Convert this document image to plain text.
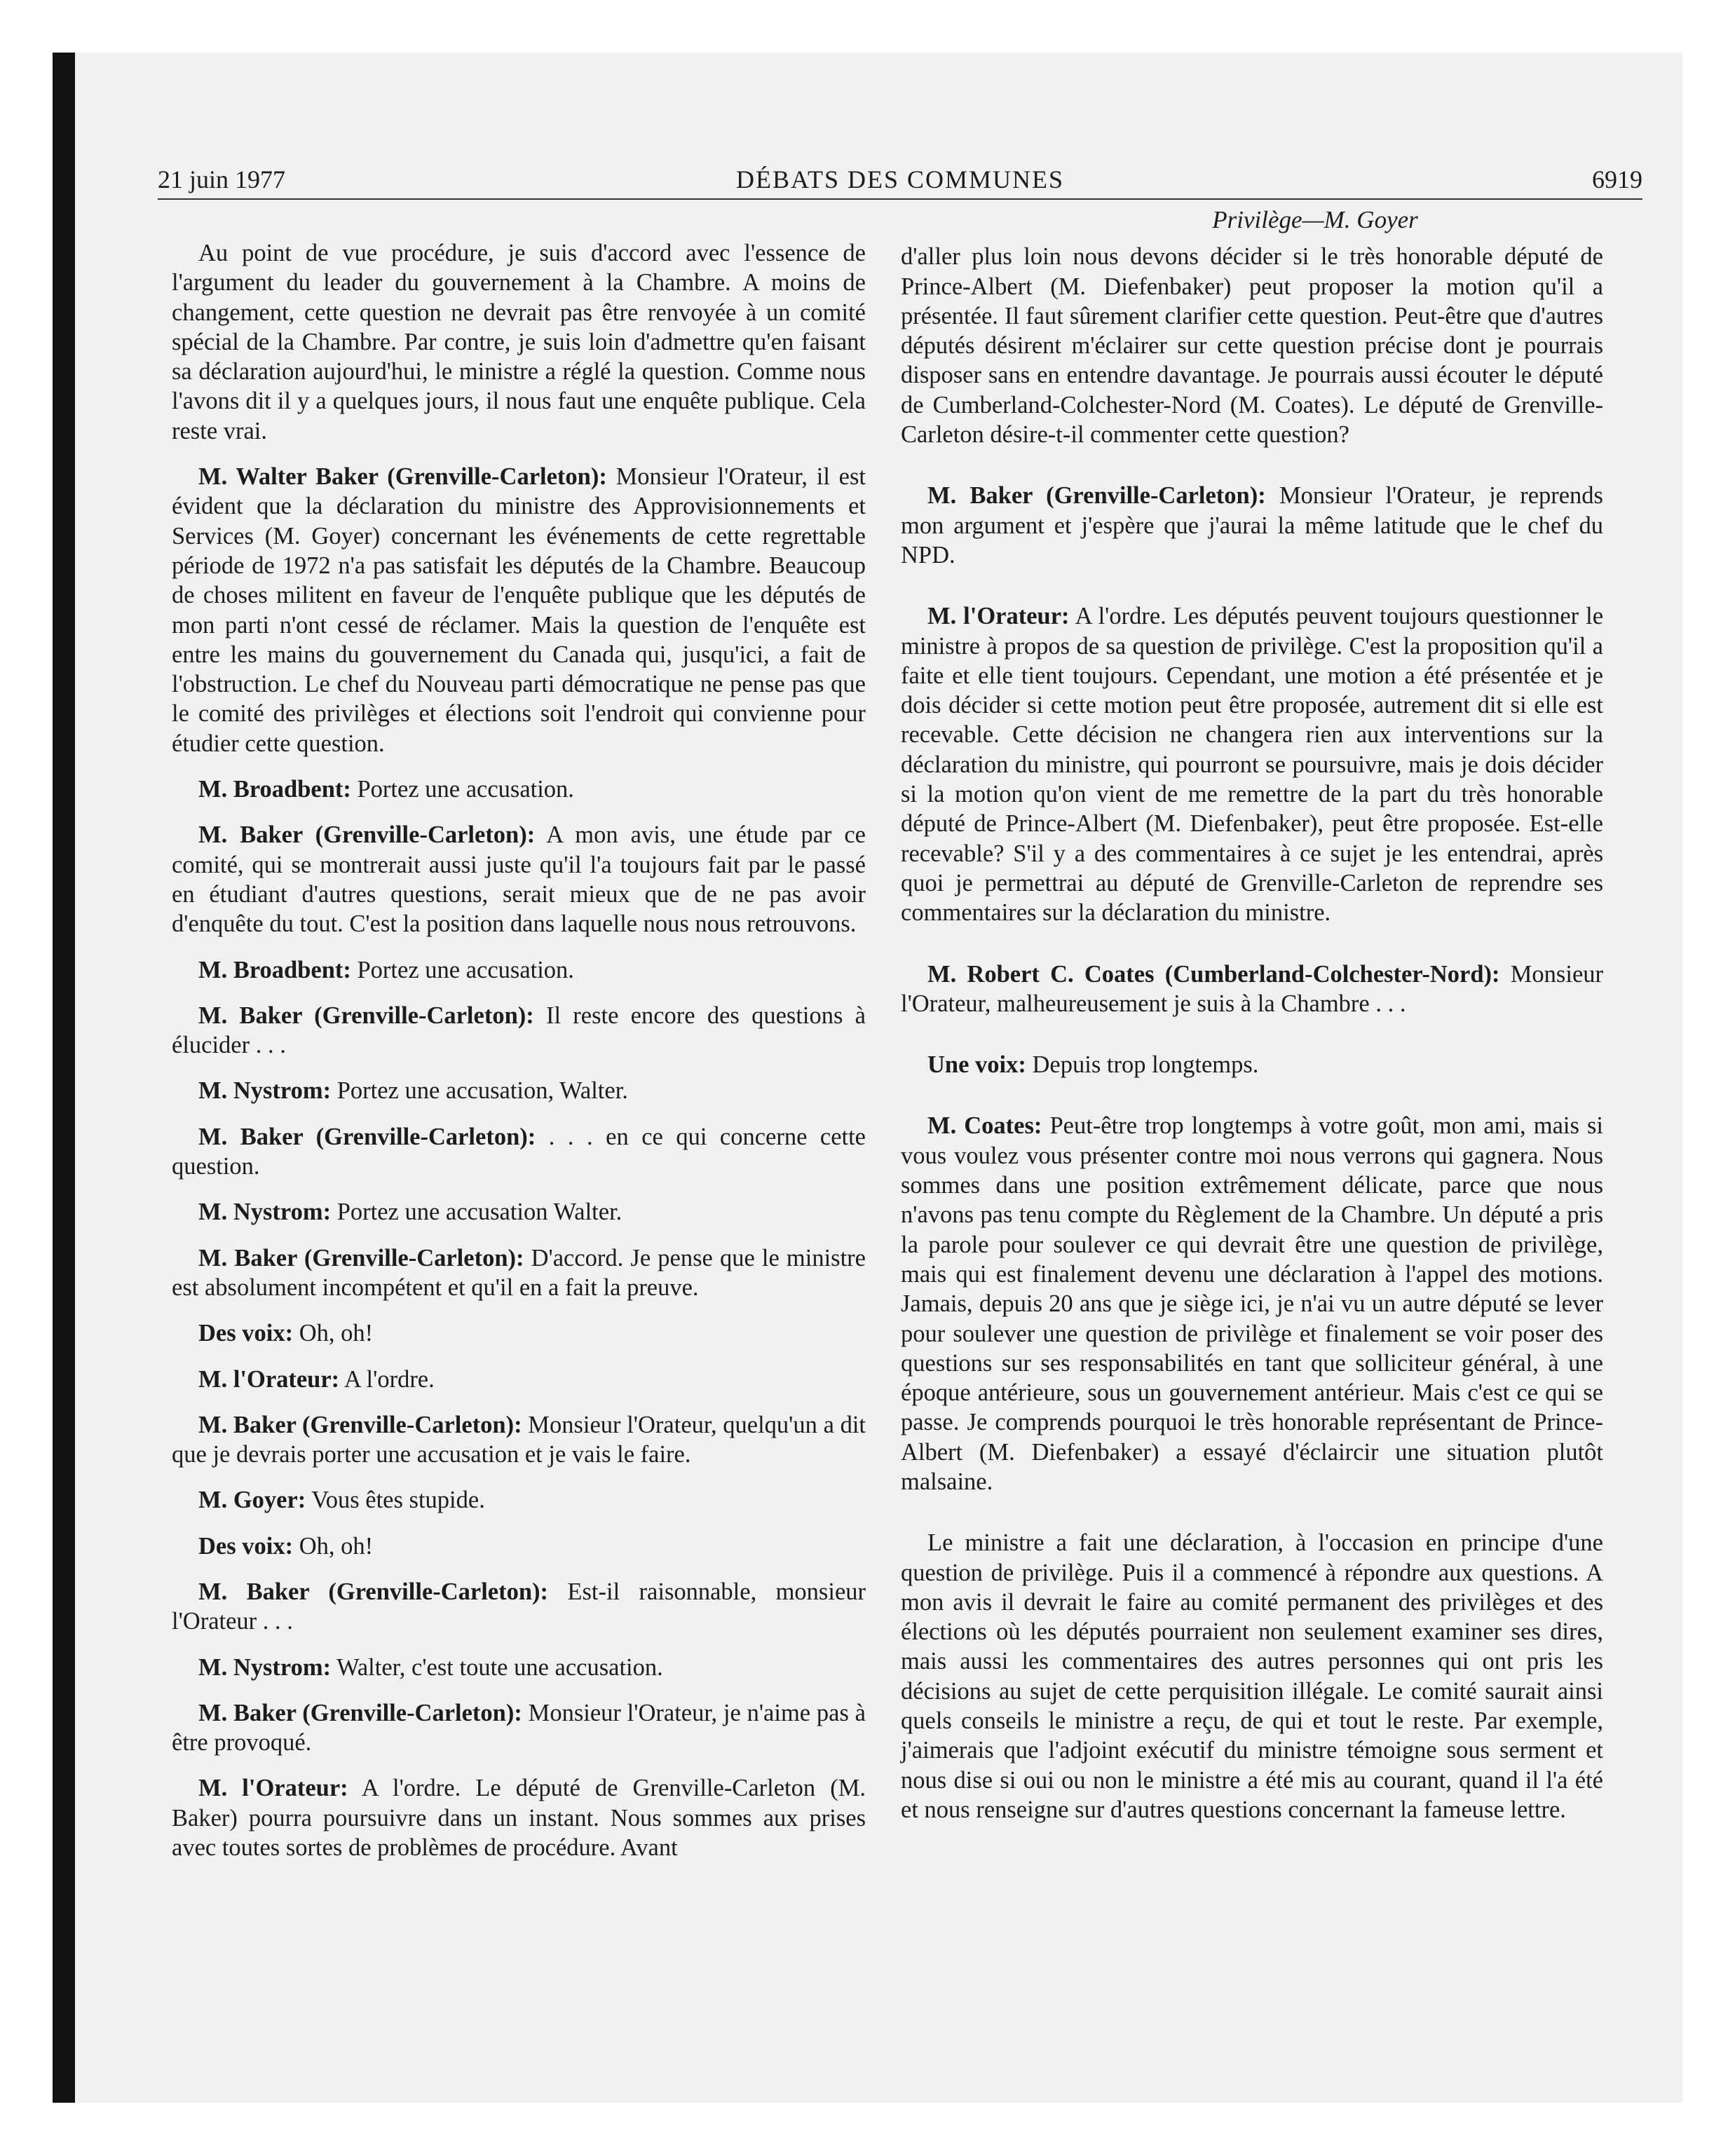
21 juin 1977	DÉBATS DES COMMUNES	6919

Au point de vue procédure, je suis d'accord avec l'essence de l'argument du leader du gouvernement à la Chambre. A moins de changement, cette question ne devrait pas être renvoyée à un comité spécial de la Chambre. Par contre, je suis loin d'admettre qu'en faisant sa déclaration aujourd'hui, le ministre a réglé la question. Comme nous l'avons dit il y a quelques jours, il nous faut une enquête publique. Cela reste vrai.

M. Walter Baker (Grenville-Carleton): Monsieur l'Orateur, il est évident que la déclaration du ministre des Approvisionnements et Services (M. Goyer) concernant les événements de cette regrettable période de 1972 n'a pas satisfait les députés de la Chambre. Beaucoup de choses militent en faveur de l'enquête publique que les députés de mon parti n'ont cessé de réclamer. Mais la question de l'enquête est entre les mains du gouvernement du Canada qui, jusqu'ici, a fait de l'obstruction. Le chef du Nouveau parti démocratique ne pense pas que le comité des privilèges et élections soit l'endroit qui convienne pour étudier cette question.

M. Broadbent: Portez une accusation.

M. Baker (Grenville-Carleton): A mon avis, une étude par ce comité, qui se montrerait aussi juste qu'il l'a toujours fait par le passé en étudiant d'autres questions, serait mieux que de ne pas avoir d'enquête du tout. C'est la position dans laquelle nous nous retrouvons.

M. Broadbent: Portez une accusation.

M. Baker (Grenville-Carleton): Il reste encore des questions à élucider . . .

M. Nystrom: Portez une accusation, Walter.

M. Baker (Grenville-Carleton): . . . en ce qui concerne cette question.

M. Nystrom: Portez une accusation Walter.

M. Baker (Grenville-Carleton): D'accord. Je pense que le ministre est absolument incompétent et qu'il en a fait la preuve.

Des voix: Oh, oh!

M. l'Orateur: A l'ordre.

M. Baker (Grenville-Carleton): Monsieur l'Orateur, quelqu'un a dit que je devrais porter une accusation et je vais le faire.

M. Goyer: Vous êtes stupide.

Des voix: Oh, oh!

M. Baker (Grenville-Carleton): Est-il raisonnable, monsieur l'Orateur . . .

M. Nystrom: Walter, c'est toute une accusation.

M. Baker (Grenville-Carleton): Monsieur l'Orateur, je n'aime pas à être provoqué.

M. l'Orateur: A l'ordre. Le député de Grenville-Carleton (M. Baker) pourra poursuivre dans un instant. Nous sommes aux prises avec toutes sortes de problèmes de procédure. Avant

Privilège—M. Goyer

d'aller plus loin nous devons décider si le très honorable député de Prince-Albert (M. Diefenbaker) peut proposer la motion qu'il a présentée. Il faut sûrement clarifier cette question. Peut-être que d'autres députés désirent m'éclairer sur cette question précise dont je pourrais disposer sans en entendre davantage. Je pourrais aussi écouter le député de Cumberland-Colchester-Nord (M. Coates). Le député de Grenville-Carleton désire-t-il commenter cette question?

M. Baker (Grenville-Carleton): Monsieur l'Orateur, je reprends mon argument et j'espère que j'aurai la même latitude que le chef du NPD.

M. l'Orateur: A l'ordre. Les députés peuvent toujours questionner le ministre à propos de sa question de privilège. C'est la proposition qu'il a faite et elle tient toujours. Cependant, une motion a été présentée et je dois décider si cette motion peut être proposée, autrement dit si elle est recevable. Cette décision ne changera rien aux interventions sur la déclaration du ministre, qui pourront se poursuivre, mais je dois décider si la motion qu'on vient de me remettre de la part du très honorable député de Prince-Albert (M. Diefenbaker), peut être proposée. Est-elle recevable? S'il y a des commentaires à ce sujet je les entendrai, après quoi je permettrai au député de Grenville-Carleton de reprendre ses commentaires sur la déclaration du ministre.

M. Robert C. Coates (Cumberland-Colchester-Nord): Monsieur l'Orateur, malheureusement je suis à la Chambre . . .

Une voix: Depuis trop longtemps.

M. Coates: Peut-être trop longtemps à votre goût, mon ami, mais si vous voulez vous présenter contre moi nous verrons qui gagnera. Nous sommes dans une position extrêmement délicate, parce que nous n'avons pas tenu compte du Règlement de la Chambre. Un député a pris la parole pour soulever ce qui devrait être une question de privilège, mais qui est finalement devenu une déclaration à l'appel des motions. Jamais, depuis 20 ans que je siège ici, je n'ai vu un autre député se lever pour soulever une question de privilège et finalement se voir poser des questions sur ses responsabilités en tant que solliciteur général, à une époque antérieure, sous un gouvernement antérieur. Mais c'est ce qui se passe. Je comprends pourquoi le très honorable représentant de Prince-Albert (M. Diefenbaker) a essayé d'éclaircir une situation plutôt malsaine.

Le ministre a fait une déclaration, à l'occasion en principe d'une question de privilège. Puis il a commencé à répondre aux questions. A mon avis il devrait le faire au comité permanent des privilèges et des élections où les députés pourraient non seulement examiner ses dires, mais aussi les commentaires des autres personnes qui ont pris les décisions au sujet de cette perquisition illégale. Le comité saurait ainsi quels conseils le ministre a reçu, de qui et tout le reste. Par exemple, j'aimerais que l'adjoint exécutif du ministre témoigne sous serment et nous dise si oui ou non le ministre a été mis au courant, quand il l'a été et nous renseigne sur d'autres questions concernant la fameuse lettre.
